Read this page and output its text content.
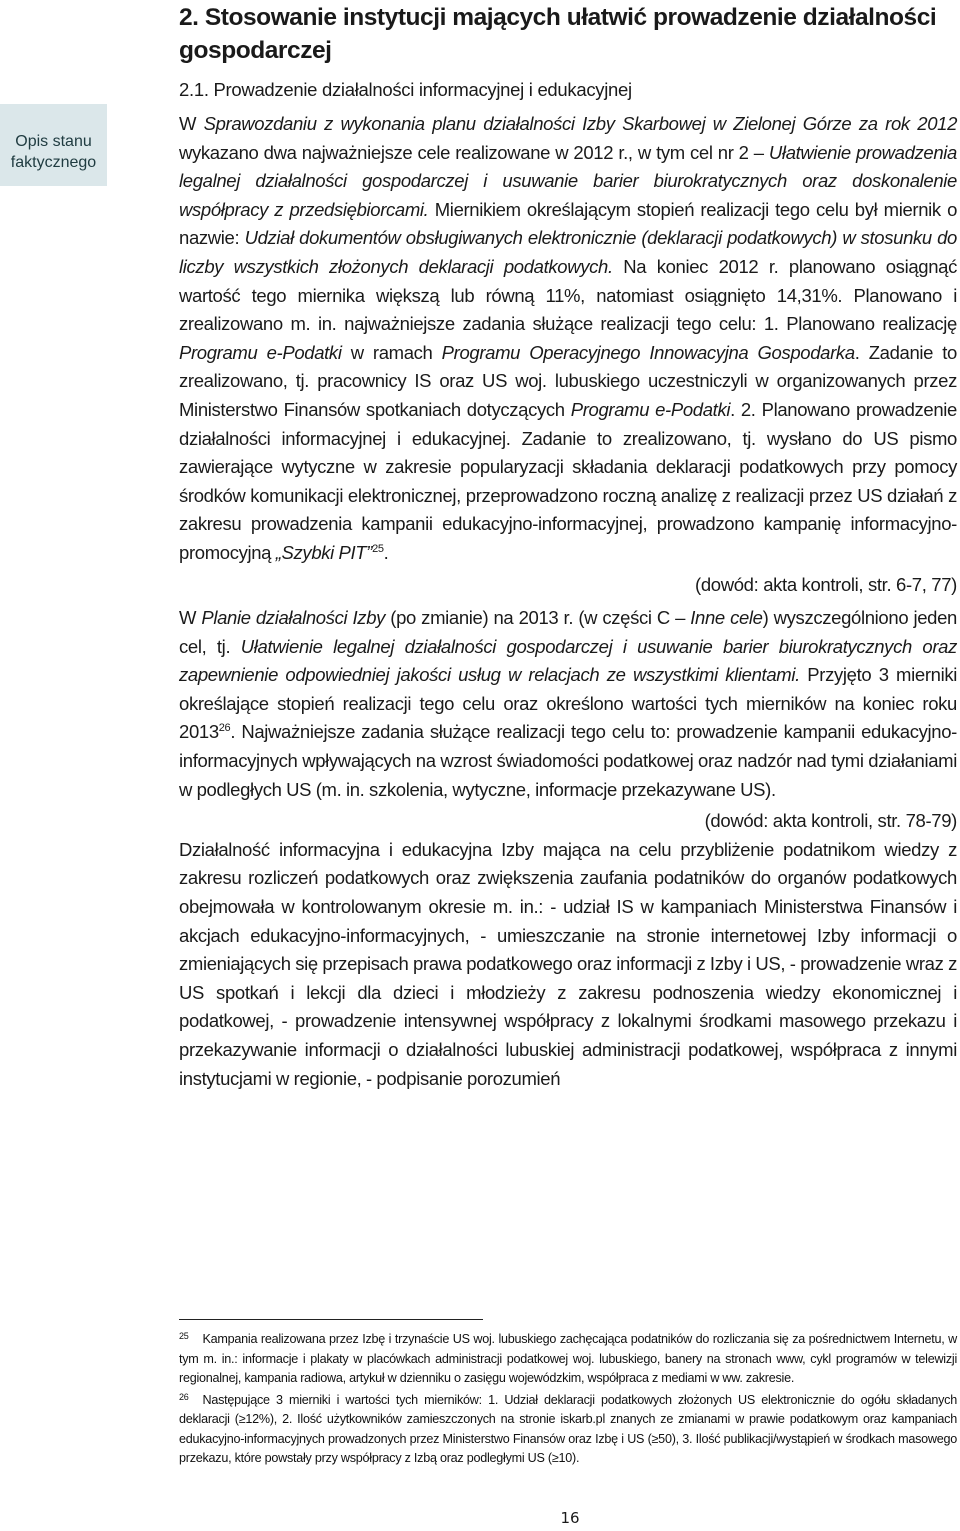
Opis stanu faktycznego
2. Stosowanie instytucji mających ułatwić prowadzenie działalności gospodarczej
2.1. Prowadzenie działalności informacyjnej i edukacyjnej

W Sprawozdaniu z wykonania planu działalności Izby Skarbowej w Zielonej Górze za rok 2012 wykazano dwa najważniejsze cele realizowane w 2012 r., w tym cel nr 2 – Ułatwienie prowadzenia legalnej działalności gospodarczej i usuwanie barier biurokratycznych oraz doskonalenie współpracy z przedsiębiorcami. Miernikiem określającym stopień realizacji tego celu był miernik o nazwie: Udział dokumentów obsługiwanych elektronicznie (deklaracji podatkowych) w stosunku do liczby wszystkich złożonych deklaracji podatkowych. Na koniec 2012 r. planowano osiągnąć wartość tego miernika większą lub równą 11%, natomiast osiągnięto 14,31%. Planowano i zrealizowano m. in. najważniejsze zadania służące realizacji tego celu: 1. Planowano realizację Programu e-Podatki w ramach Programu Operacyjnego Innowacyjna Gospodarka. Zadanie to zrealizowano, tj. pracownicy IS oraz US woj. lubuskiego uczestniczyli w organizowanych przez Ministerstwo Finansów spotkaniach dotyczących Programu e-Podatki. 2. Planowano prowadzenie działalności informacyjnej i edukacyjnej. Zadanie to zrealizowano, tj. wysłano do US pismo zawierające wytyczne w zakresie popularyzacji składania deklaracji podatkowych przy pomocy środków komunikacji elektronicznej, przeprowadzono roczną analizę z realizacji przez US działań z zakresu prowadzenia kampanii edukacyjno-informacyjnej, prowadzono kampanię informacyjno-promocyjną „Szybki PIT”$^{25}$.

(dowód: akta kontroli, str. 6-7, 77)

W Planie działalności Izby (po zmianie) na 2013 r. (w części C – Inne cele) wyszczególniono jeden cel, tj. Ułatwienie legalnej działalności gospodarczej i usuwanie barier biurokratycznych oraz zapewnienie odpowiedniej jakości usług w relacjach ze wszystkimi klientami. Przyjęto 3 mierniki określające stopień realizacji tego celu oraz określono wartości tych mierników na koniec roku 2013$^{26}$. Najważniejsze zadania służące realizacji tego celu to: prowadzenie kampanii edukacyjno-informacyjnych wpływających na wzrost świadomości podatkowej oraz nadzór nad tymi działaniami w podległych US (m. in. szkolenia, wytyczne, informacje przekazywane US).

(dowód: akta kontroli, str. 78-79)

Działalność informacyjna i edukacyjna Izby mająca na celu przybliżenie podatnikom wiedzy z zakresu rozliczeń podatkowych oraz zwiększenia zaufania podatników do organów podatkowych obejmowała w kontrolowanym okresie m. in.: - udział IS w kampaniach Ministerstwa Finansów i akcjach edukacyjno-informacyjnych, - umieszczanie na stronie internetowej Izby informacji o zmieniających się przepisach prawa podatkowego oraz informacji z Izby i US, - prowadzenie wraz z US spotkań i lekcji dla dzieci i młodzieży z zakresu podnoszenia wiedzy ekonomicznej i podatkowej, - prowadzenie intensywnej współpracy z lokalnymi środkami masowego przekazu i przekazywanie informacji o działalności lubuskiej administracji podatkowej, współpraca z innymi instytucjami w regionie, - podpisanie porozumień

$^{25}$ Kampania realizowana przez Izbę i trzynaście US woj. lubuskiego zachęcająca podatników do rozliczania się za pośrednictwem Internetu, w tym m. in.: informacje i plakaty w placówkach administracji podatkowej woj. lubuskiego, banery na stronach www, cykl programów w telewizji regionalnej, kampania radiowa, artykuł w dzienniku o zasięgu wojewódzkim, współpraca z mediami w ww. zakresie.
$^{26}$ Następujące 3 mierniki i wartości tych mierników: 1. Udział deklaracji podatkowych złożonych US elektronicznie do ogółu składanych deklaracji (≥12%), 2. Ilość użytkowników zamieszczonych na stronie iskarb.pl znanych ze zmianami w prawie podatkowym oraz kampaniach edukacyjno-informacyjnych prowadzonych przez Ministerstwo Finansów oraz Izbę i US (≥50), 3. Ilość publikacji/wystąpień w środkach masowego przekazu, które powstały przy współpracy z Izbą oraz podległymi US (≥10).
16
